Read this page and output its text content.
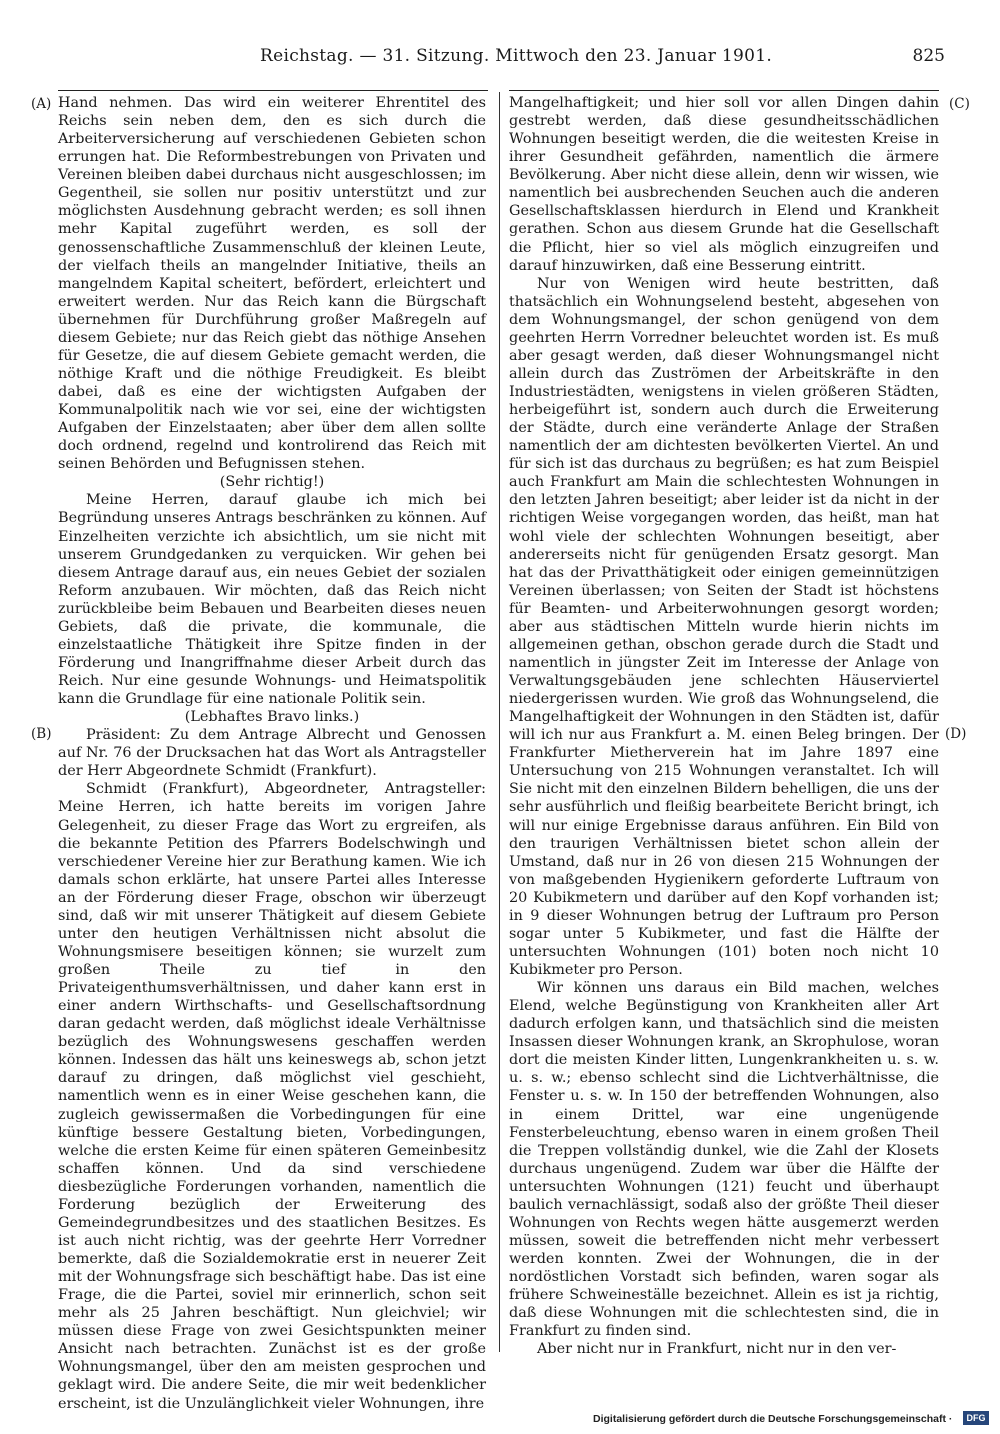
Reichstag. — 31. Sitzung. Mittwoch den 23. Januar 1901.	825
(A)
(B)
(C)
(D)

Hand nehmen. Das wird ein weiterer Ehrentitel des Reichs sein neben dem, den es sich durch die Arbeiterversicherung auf verschiedenen Gebieten schon errungen hat. Die Reformbestrebungen von Privaten und Vereinen bleiben dabei durchaus nicht ausgeschlossen; im Gegentheil, sie sollen nur positiv unterstützt und zur möglichsten Ausdehnung gebracht werden; es soll ihnen mehr Kapital zugeführt werden, es soll der genossenschaftliche Zusammenschluß der kleinen Leute, der vielfach theils an mangelnder Initiative, theils an mangelndem Kapital scheitert, befördert, erleichtert und erweitert werden. Nur das Reich kann die Bürgschaft übernehmen für Durchführung großer Maßregeln auf diesem Gebiete; nur das Reich giebt das nöthige Ansehen für Gesetze, die auf diesem Gebiete gemacht werden, die nöthige Kraft und die nöthige Freudigkeit. Es bleibt dabei, daß es eine der wichtigsten Aufgaben der Kommunalpolitik nach wie vor sei, eine der wichtigsten Aufgaben der Einzelstaaten; aber über dem allen sollte doch ordnend, regelnd und kontrolirend das Reich mit seinen Behörden und Befugnissen stehen.

(Sehr richtig!)

Meine Herren, darauf glaube ich mich bei Begründung unseres Antrags beschränken zu können. Auf Einzelheiten verzichte ich absichtlich, um sie nicht mit unserem Grundgedanken zu verquicken. Wir gehen bei diesem Antrage darauf aus, ein neues Gebiet der sozialen Reform anzubauen. Wir möchten, daß das Reich nicht zurückbleibe beim Bebauen und Bearbeiten dieses neuen Gebiets, daß die private, die kommunale, die einzelstaatliche Thätigkeit ihre Spitze finden in der Förderung und Inangriffnahme dieser Arbeit durch das Reich. Nur eine gesunde Wohnungs- und Heimatspolitik kann die Grundlage für eine nationale Politik sein.

(Lebhaftes Bravo links.)

Präsident: Zu dem Antrage Albrecht und Genossen auf Nr. 76 der Drucksachen hat das Wort als Antragsteller der Herr Abgeordnete Schmidt (Frankfurt).

Schmidt (Frankfurt), Abgeordneter, Antragsteller: Meine Herren, ich hatte bereits im vorigen Jahre Gelegenheit, zu dieser Frage das Wort zu ergreifen, als die bekannte Petition des Pfarrers Bodelschwingh und verschiedener Vereine hier zur Berathung kamen. Wie ich damals schon erklärte, hat unsere Partei alles Interesse an der Förderung dieser Frage, obschon wir überzeugt sind, daß wir mit unserer Thätigkeit auf diesem Gebiete unter den heutigen Verhältnissen nicht absolut die Wohnungsmisere beseitigen können; sie wurzelt zum großen Theile zu tief in den Privateigenthumsverhältnissen, und daher kann erst in einer andern Wirthschafts- und Gesellschaftsordnung daran gedacht werden, daß möglichst ideale Verhältnisse bezüglich des Wohnungswesens geschaffen werden können. Indessen das hält uns keineswegs ab, schon jetzt darauf zu dringen, daß möglichst viel geschieht, namentlich wenn es in einer Weise geschehen kann, die zugleich gewissermaßen die Vorbedingungen für eine künftige bessere Gestaltung bieten, Vorbedingungen, welche die ersten Keime für einen späteren Gemeinbesitz schaffen können. Und da sind verschiedene diesbezügliche Forderungen vorhanden, namentlich die Forderung bezüglich der Erweiterung des Gemeindegrundbesitzes und des staatlichen Besitzes. Es ist auch nicht richtig, was der geehrte Herr Vorredner bemerkte, daß die Sozialdemokratie erst in neuerer Zeit mit der Wohnungsfrage sich beschäftigt habe. Das ist eine Frage, die die Partei, soviel mir erinnerlich, schon seit mehr als 25 Jahren beschäftigt. Nun gleichviel; wir müssen diese Frage von zwei Gesichtspunkten meiner Ansicht nach betrachten. Zunächst ist es der große Wohnungsmangel, über den am meisten gesprochen und geklagt wird. Die andere Seite, die mir weit bedenklicher erscheint, ist die Unzulänglichkeit vieler Wohnungen, ihre

Mangelhaftigkeit; und hier soll vor allen Dingen dahin gestrebt werden, daß diese gesundheitsschädlichen Wohnungen beseitigt werden, die die weitesten Kreise in ihrer Gesundheit gefährden, namentlich die ärmere Bevölkerung. Aber nicht diese allein, denn wir wissen, wie namentlich bei ausbrechenden Seuchen auch die anderen Gesellschaftsklassen hierdurch in Elend und Krankheit gerathen. Schon aus diesem Grunde hat die Gesellschaft die Pflicht, hier so viel als möglich einzugreifen und darauf hinzuwirken, daß eine Besserung eintritt.

Nur von Wenigen wird heute bestritten, daß thatsächlich ein Wohnungselend besteht, abgesehen von dem Wohnungsmangel, der schon genügend von dem geehrten Herrn Vorredner beleuchtet worden ist. Es muß aber gesagt werden, daß dieser Wohnungsmangel nicht allein durch das Zuströmen der Arbeitskräfte in den Industriestädten, wenigstens in vielen größeren Städten, herbeigeführt ist, sondern auch durch die Erweiterung der Städte, durch eine veränderte Anlage der Straßen namentlich der am dichtesten bevölkerten Viertel. An und für sich ist das durchaus zu begrüßen; es hat zum Beispiel auch Frankfurt am Main die schlechtesten Wohnungen in den letzten Jahren beseitigt; aber leider ist da nicht in der richtigen Weise vorgegangen worden, das heißt, man hat wohl viele der schlechten Wohnungen beseitigt, aber andererseits nicht für genügenden Ersatz gesorgt. Man hat das der Privatthätigkeit oder einigen gemeinnützigen Vereinen überlassen; von Seiten der Stadt ist höchstens für Beamten- und Arbeiterwohnungen gesorgt worden; aber aus städtischen Mitteln wurde hierin nichts im allgemeinen gethan, obschon gerade durch die Stadt und namentlich in jüngster Zeit im Interesse der Anlage von Verwaltungsgebäuden jene schlechten Häuserviertel niedergerissen wurden. Wie groß das Wohnungselend, die Mangelhaftigkeit der Wohnungen in den Städten ist, dafür will ich nur aus Frankfurt a. M. einen Beleg bringen. Der Frankfurter Mietherverein hat im Jahre 1897 eine Untersuchung von 215 Wohnungen veranstaltet. Ich will Sie nicht mit den einzelnen Bildern behelligen, die uns der sehr ausführlich und fleißig bearbeitete Bericht bringt, ich will nur einige Ergebnisse daraus anführen. Ein Bild von den traurigen Verhältnissen bietet schon allein der Umstand, daß nur in 26 von diesen 215 Wohnungen der von maßgebenden Hygienikern geforderte Luftraum von 20 Kubikmetern und darüber auf den Kopf vorhanden ist; in 9 dieser Wohnungen betrug der Luftraum pro Person sogar unter 5 Kubikmeter, und fast die Hälfte der untersuchten Wohnungen (101) boten noch nicht 10 Kubikmeter pro Person.

Wir können uns daraus ein Bild machen, welches Elend, welche Begünstigung von Krankheiten aller Art dadurch erfolgen kann, und thatsächlich sind die meisten Insassen dieser Wohnungen krank, an Skrophulose, woran dort die meisten Kinder litten, Lungenkrankheiten u. s. w. u. s. w.; ebenso schlecht sind die Lichtverhältnisse, die Fenster u. s. w. In 150 der betreffenden Wohnungen, also in einem Drittel, war eine ungenügende Fensterbeleuchtung, ebenso waren in einem großen Theil die Treppen vollständig dunkel, wie die Zahl der Klosets durchaus ungenügend. Zudem war über die Hälfte der untersuchten Wohnungen (121) feucht und überhaupt baulich vernachlässigt, sodaß also der größte Theil dieser Wohnungen von Rechts wegen hätte ausgemerzt werden müssen, soweit die betreffenden nicht mehr verbessert werden konnten. Zwei der Wohnungen, die in der nordöstlichen Vorstadt sich befinden, waren sogar als frühere Schweineställe bezeichnet. Allein es ist ja richtig, daß diese Wohnungen mit die schlechtesten sind, die in Frankfurt zu finden sind.

Aber nicht nur in Frankfurt, nicht nur in den ver-

Digitalisierung gefördert durch die Deutsche Forschungsgemeinschaft ·	DFG
